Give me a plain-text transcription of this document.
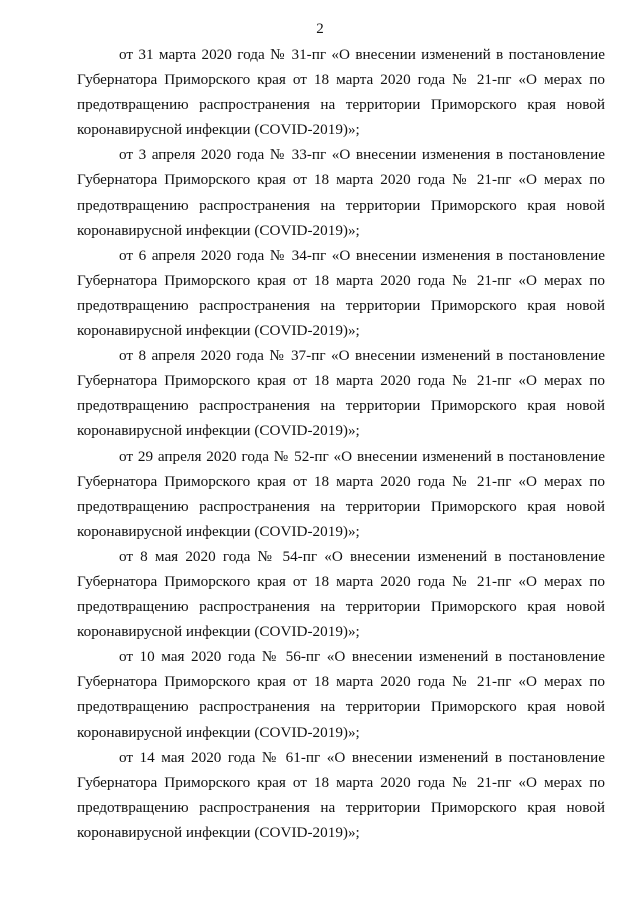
2

от 31 марта 2020 года № 31-пг «О внесении изменений в постановление
Губернатора Приморского края от 18 марта 2020 года № 21-пг «О мерах по
предотвращению распространения на территории Приморского края новой
коронавирусной инфекции (COVID-2019)»;

от 3 апреля 2020 года № 33-пг «О внесении изменения в постановление
Губернатора Приморского края от 18 марта 2020 года № 21-пг «О мерах по
предотвращению распространения на территории Приморского края новой
коронавирусной инфекции (COVID-2019)»;

от 6 апреля 2020 года № 34-пг «О внесении изменения в постановление
Губернатора Приморского края от 18 марта 2020 года № 21-пг «О мерах по
предотвращению распространения на территории Приморского края новой
коронавирусной инфекции (COVID-2019)»;

от 8 апреля 2020 года № 37-пг «О внесении изменений в постановление
Губернатора Приморского края от 18 марта 2020 года № 21-пг «О мерах по
предотвращению распространения на территории Приморского края новой
коронавирусной инфекции (COVID-2019)»;

от 29 апреля 2020 года № 52-пг «О внесении изменений в постановление
Губернатора Приморского края от 18 марта 2020 года № 21-пг «О мерах по
предотвращению распространения на территории Приморского края новой
коронавирусной инфекции (COVID-2019)»;

от 8 мая 2020 года № 54-пг «О внесении изменений в постановление
Губернатора Приморского края от 18 марта 2020 года № 21-пг «О мерах по
предотвращению распространения на территории Приморского края новой
коронавирусной инфекции (COVID-2019)»;

от 10 мая 2020 года № 56-пг «О внесении изменений в постановление
Губернатора Приморского края от 18 марта 2020 года № 21-пг «О мерах по
предотвращению распространения на территории Приморского края новой
коронавирусной инфекции (COVID-2019)»;

от 14 мая 2020 года № 61-пг «О внесении изменений в постановление
Губернатора Приморского края от 18 марта 2020 года № 21-пг «О мерах по
предотвращению распространения на территории Приморского края новой
коронавирусной инфекции (COVID-2019)»;
